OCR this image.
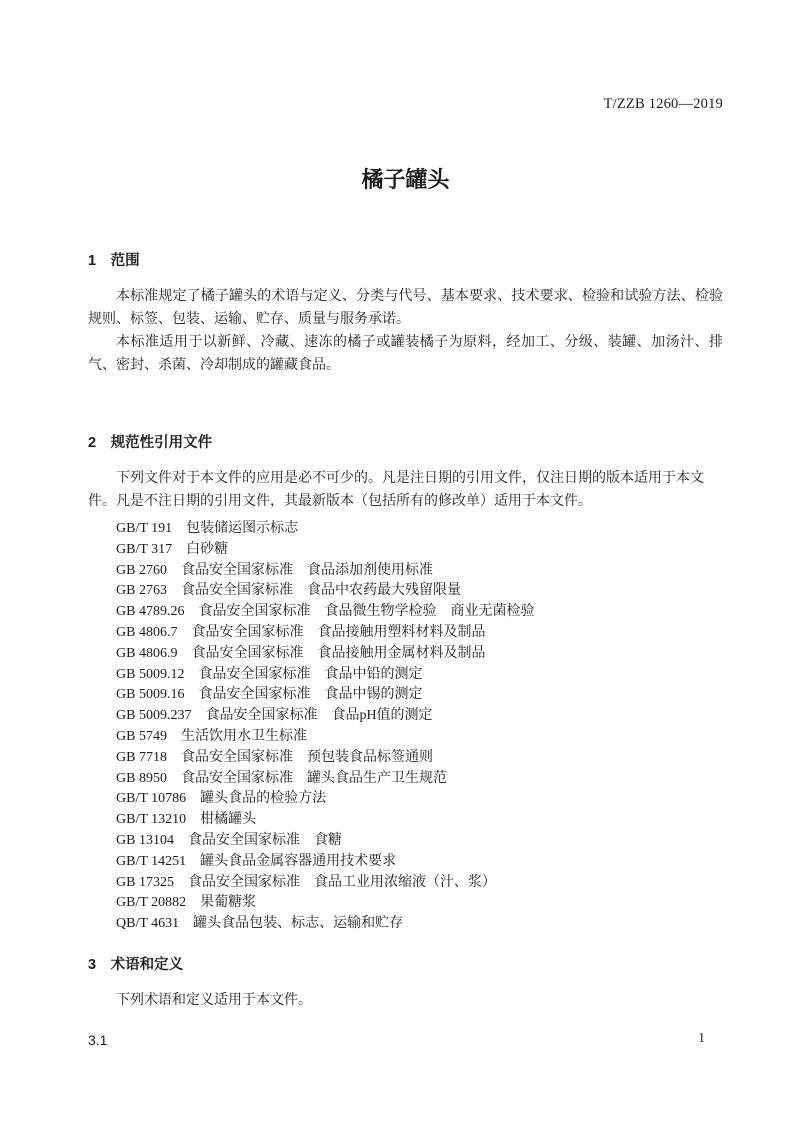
T/ZZB 1260—2019
橘子罐头
1　范围

本标准规定了橘子罐头的术语与定义、分类与代号、基本要求、技术要求、检验和试验方法、检验规则、标签、包装、运输、贮存、质量与服务承诺。

本标准适用于以新鲜、冷藏、速冻的橘子或罐装橘子为原料，经加工、分级、装罐、加汤汁、排气、密封、杀菌、冷却制成的罐藏食品。

2　规范性引用文件

下列文件对于本文件的应用是必不可少的。凡是注日期的引用文件，仅注日期的版本适用于本文件。凡是不注日期的引用文件，其最新版本（包括所有的修改单）适用于本文件。

GB/T 191　包装储运图示标志
GB/T 317　白砂糖
GB 2760　食品安全国家标准　食品添加剂使用标准
GB 2763　食品安全国家标准　食品中农药最大残留限量
GB 4789.26　食品安全国家标准　食品微生物学检验　商业无菌检验
GB 4806.7　食品安全国家标准　食品接触用塑料材料及制品
GB 4806.9　食品安全国家标准　食品接触用金属材料及制品
GB 5009.12　食品安全国家标准　食品中铅的测定
GB 5009.16　食品安全国家标准　食品中锡的测定
GB 5009.237　食品安全国家标准　食品pH值的测定
GB 5749　生活饮用水卫生标准
GB 7718　食品安全国家标准　预包装食品标签通则
GB 8950　食品安全国家标准　罐头食品生产卫生规范
GB/T 10786　罐头食品的检验方法
GB/T 13210　柑橘罐头
GB 13104　食品安全国家标准　食糖
GB/T 14251　罐头食品金属容器通用技术要求
GB 17325　食品安全国家标准　食品工业用浓缩液（汁、浆）
GB/T 20882　果葡糖浆
QB/T 4631　罐头食品包装、标志、运输和贮存
3　术语和定义

下列术语和定义适用于本文件。

3.1	1
